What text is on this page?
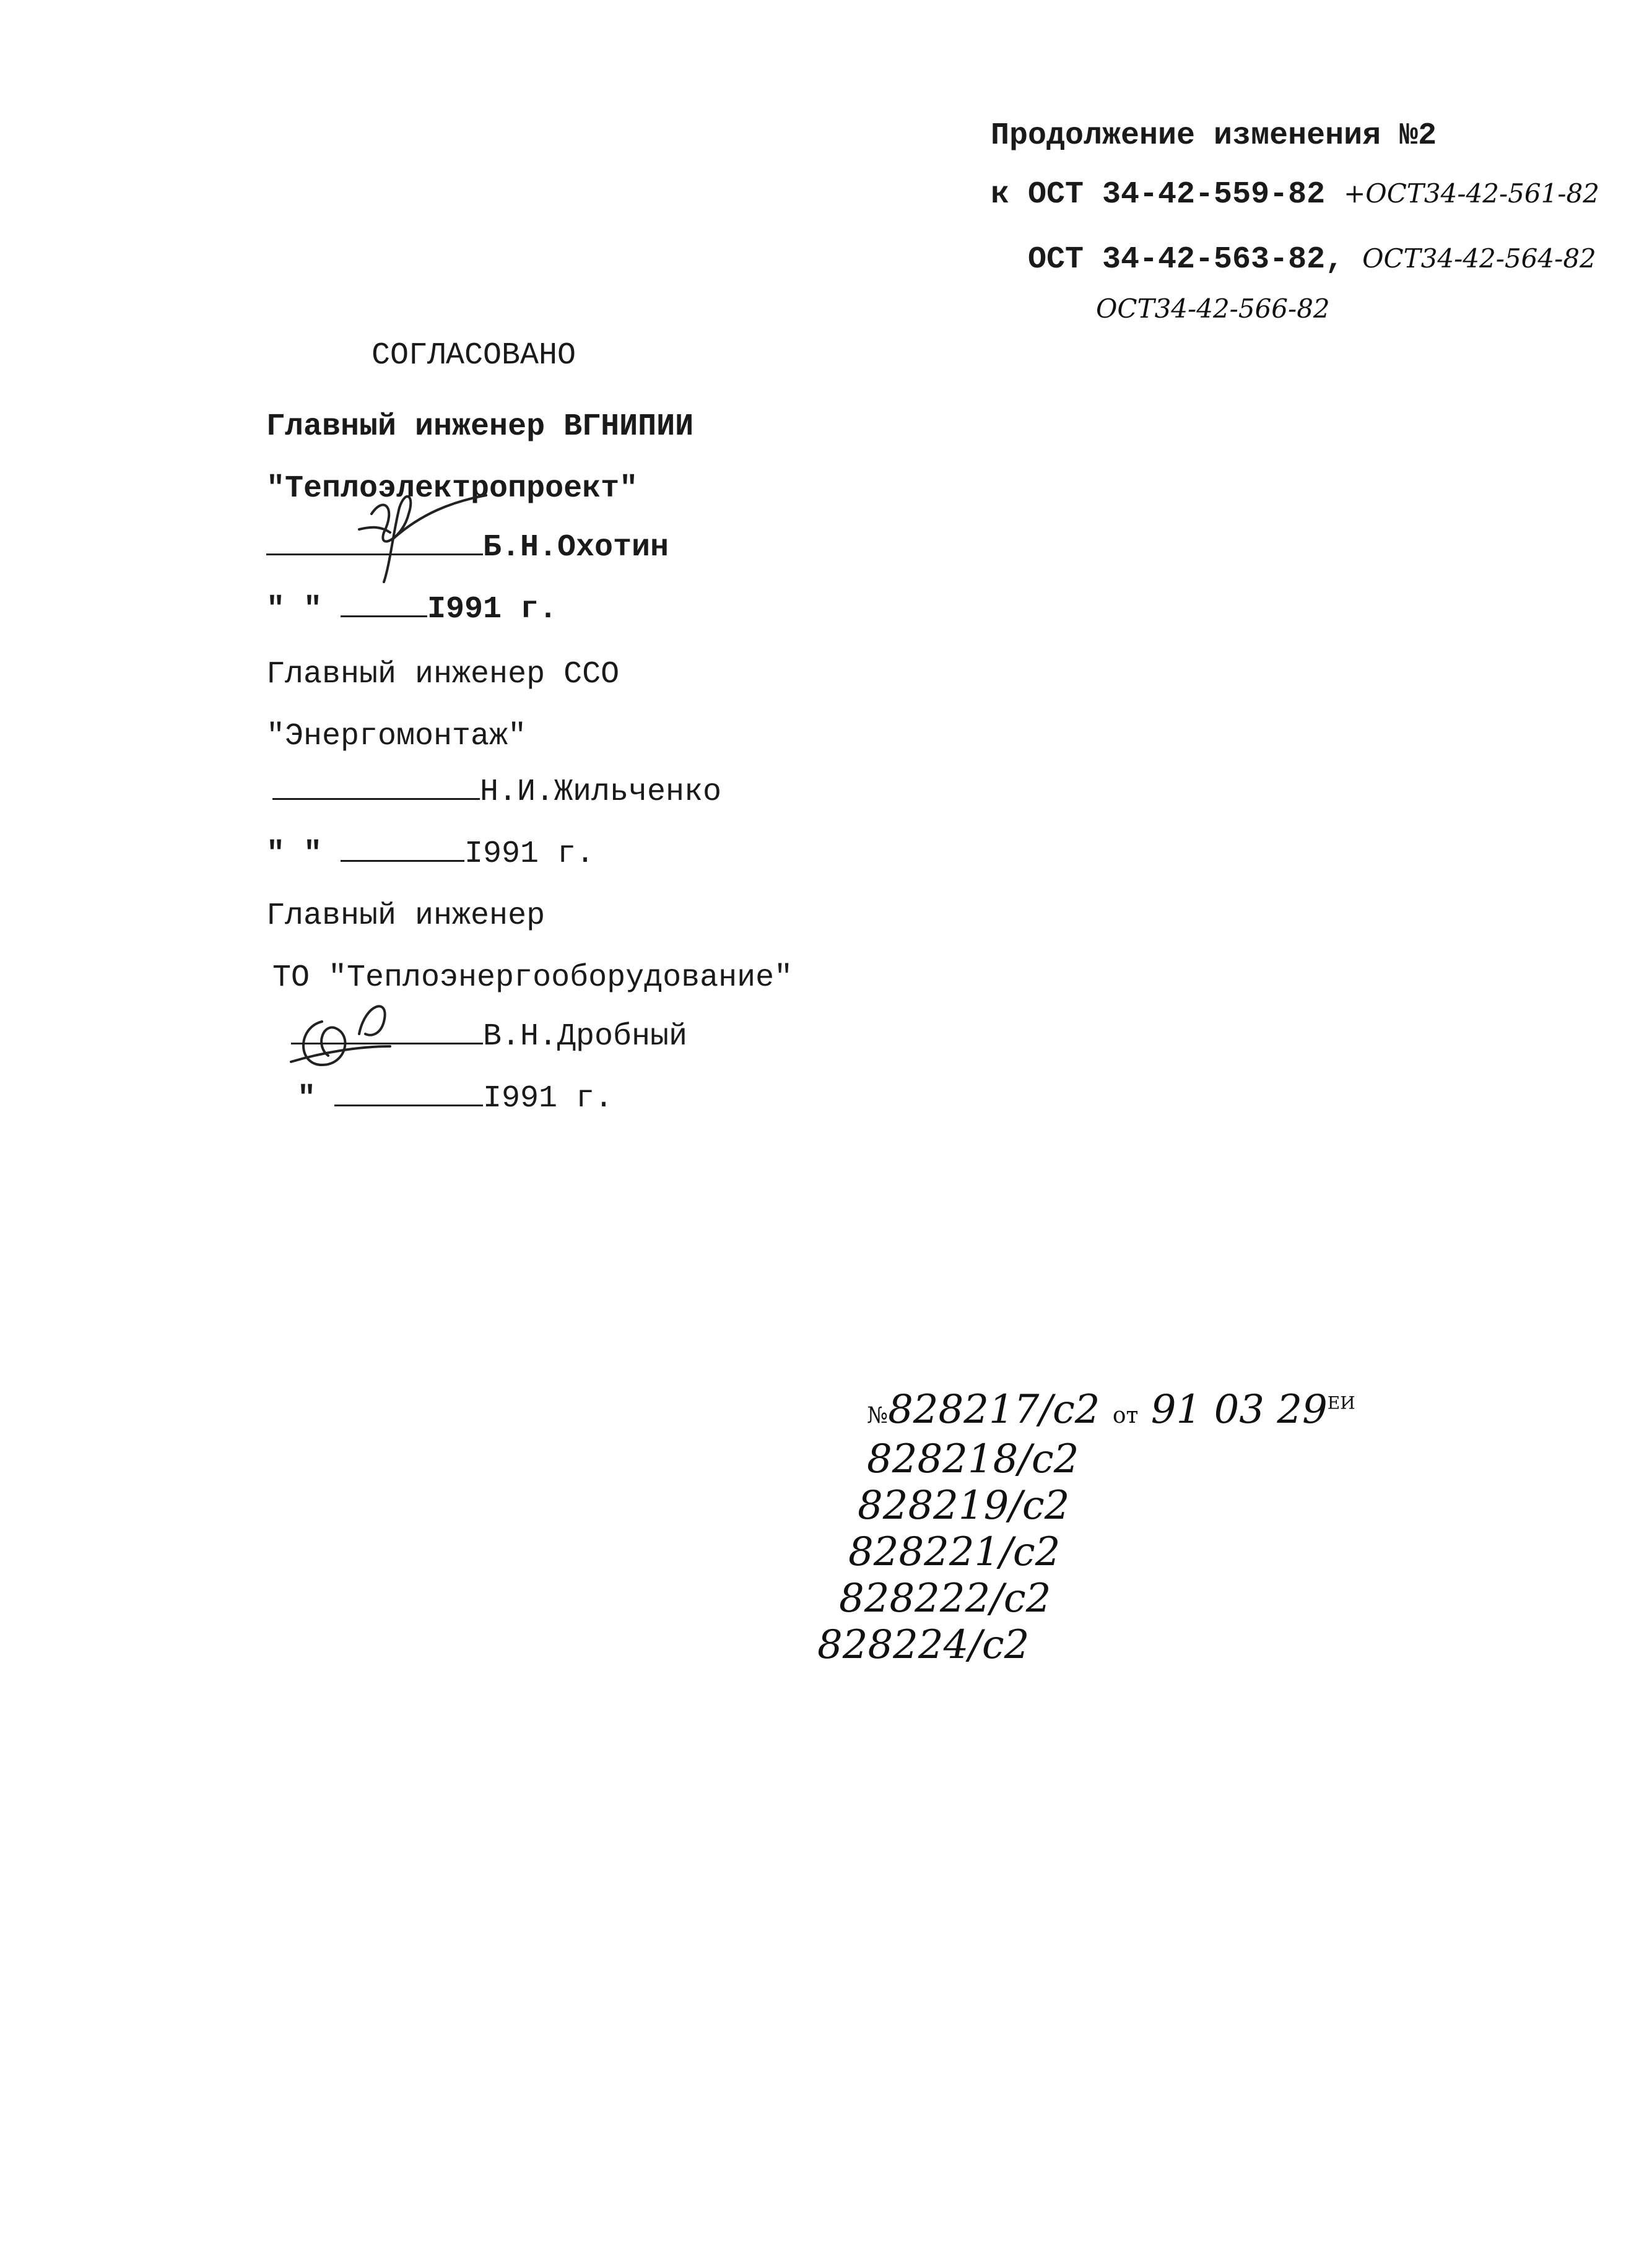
Продолжение изменения №2
к ОСТ 34-42-559-82 +ОСТ34-42-561-82
ОСТ 34-42-563-82, ОСТ34-42-564-82
ОСТ34-42-566-82
СОГЛАСОВАНО
Главный инженер ВГНИПИИ
"Теплоэлектропроект"
Б.Н.Охотин
" "	I991 г.
Главный инженер ССО
"Энергомонтаж"
Н.И.Жильченко
" "	I991 г.
Главный инженер
ТО "Теплоэнергооборудование"
В.Н.Дробный
"	I991 г.
№828217/с2 от 91 03 $29^{ЕИ}$
828218/с2
828219/с2
828221/с2
828222/с2
828224/с2
